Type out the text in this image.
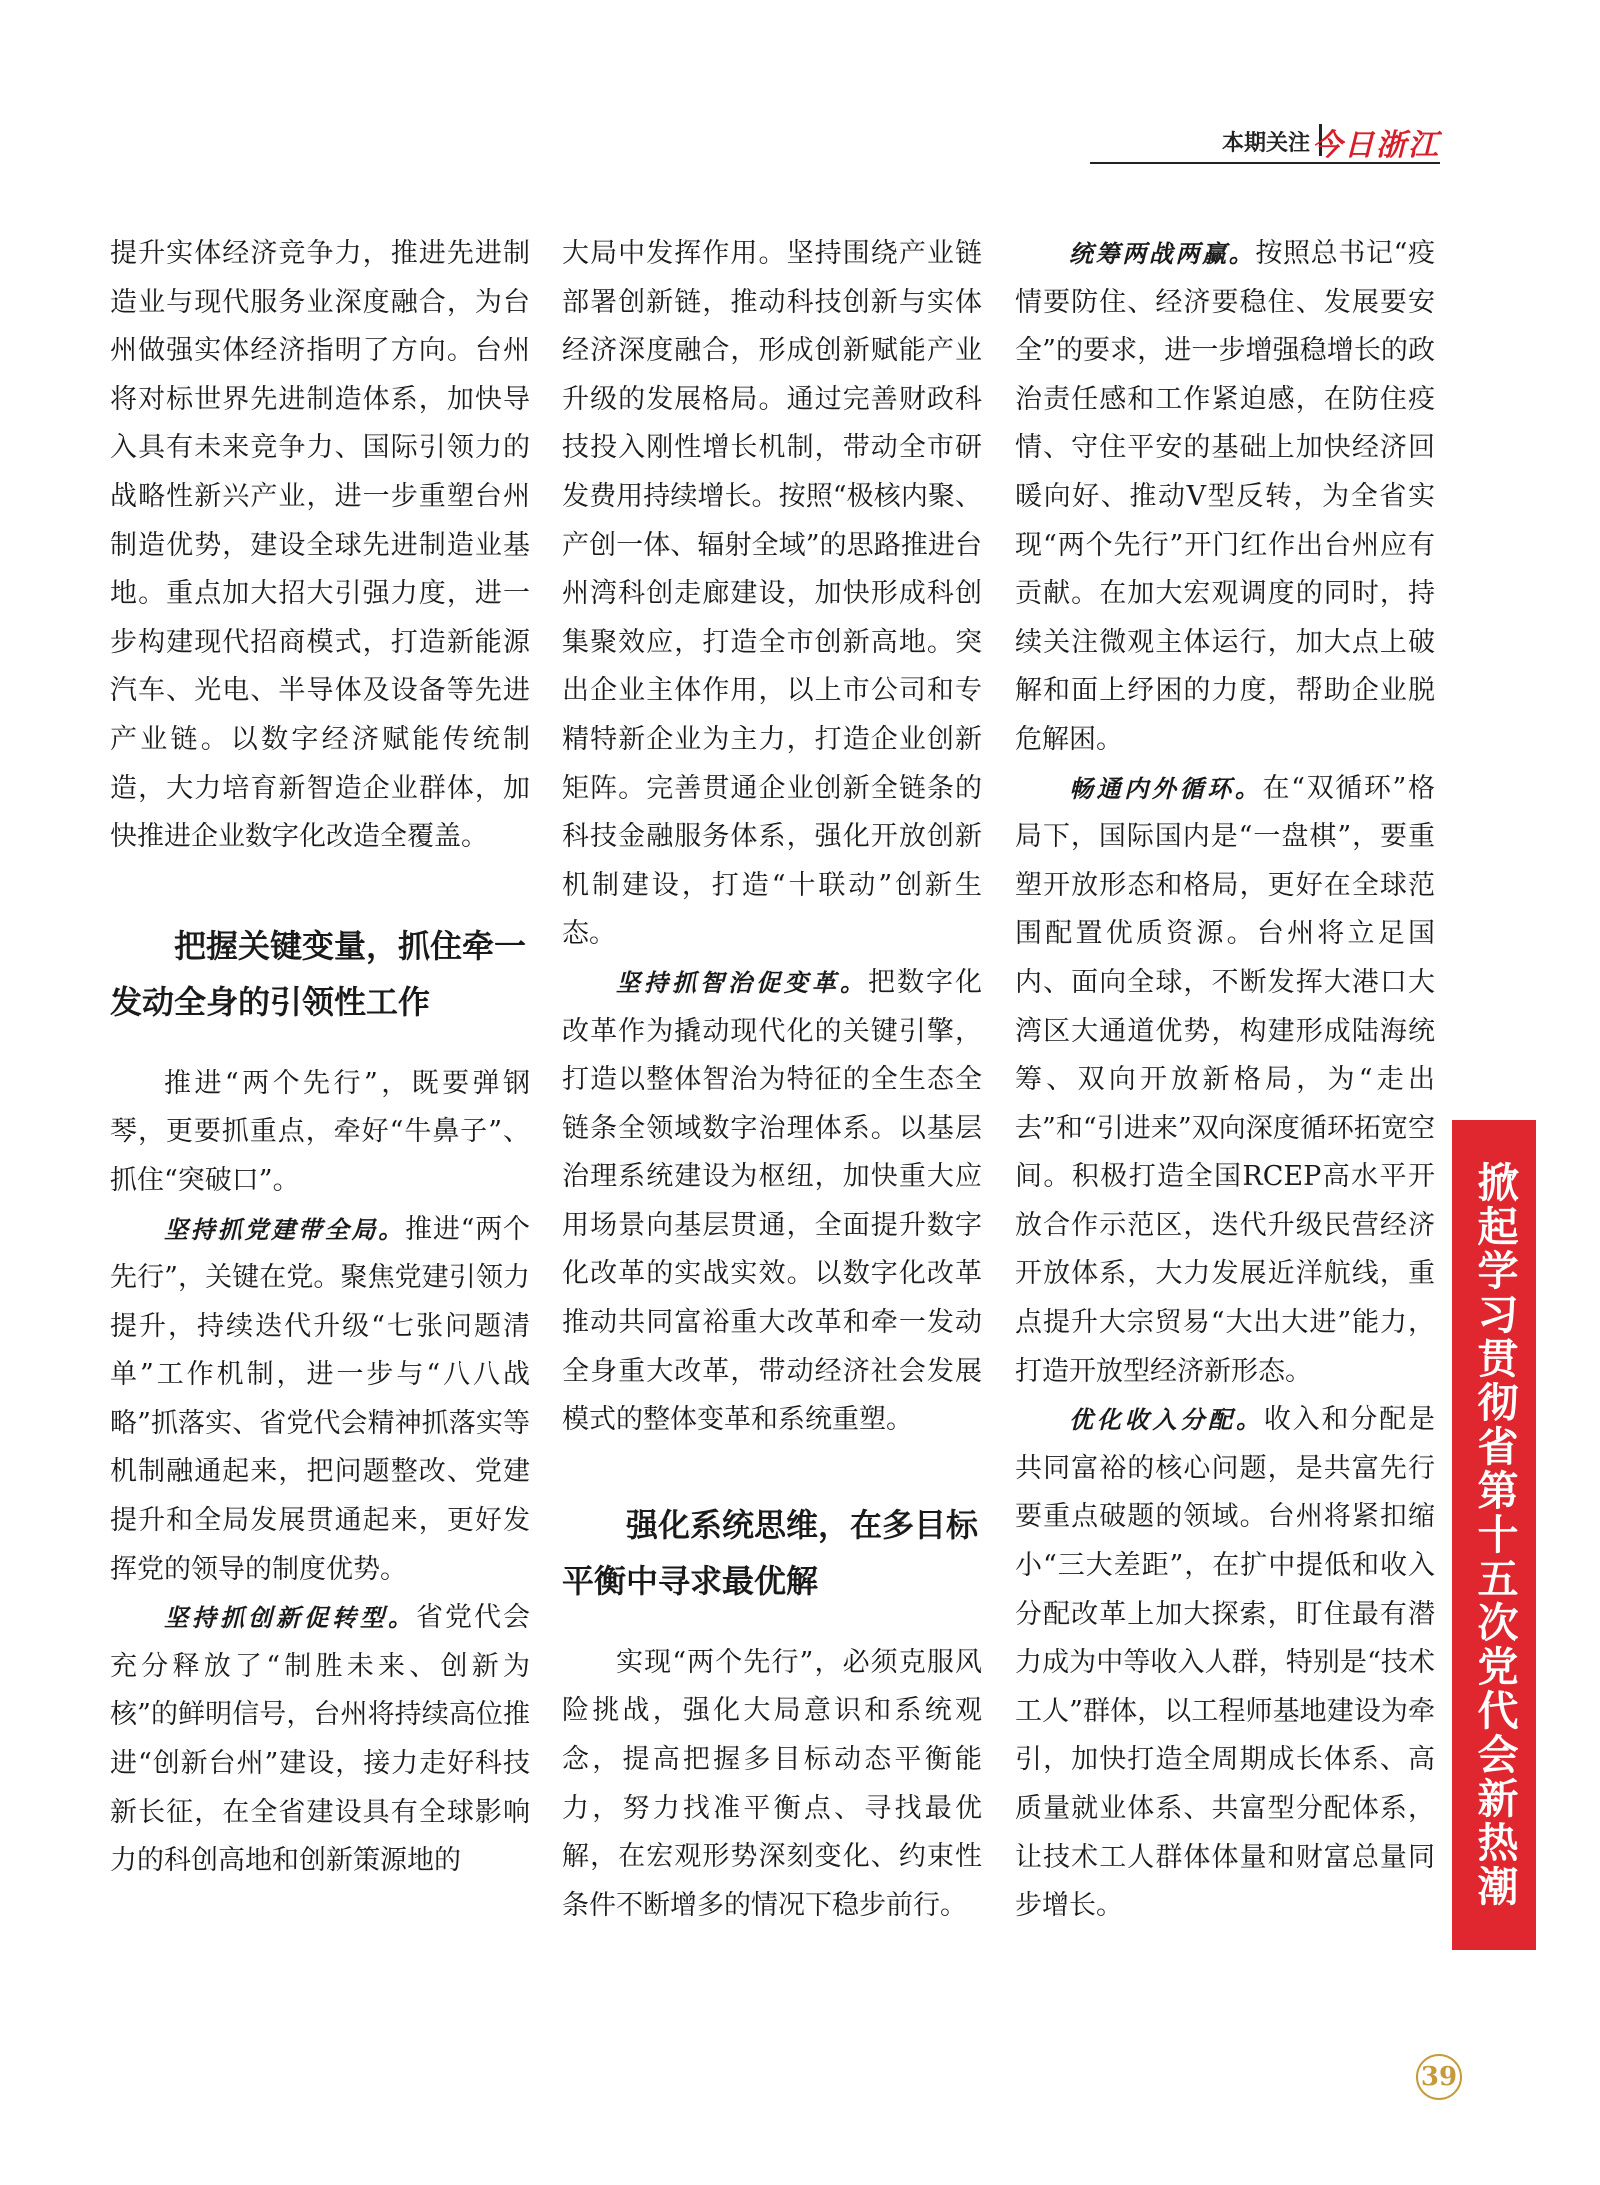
本期关注 今日浙江

提升实体经济竞争力，推进先进制造业与现代服务业深度融合，为台州做强实体经济指明了方向。台州将对标世界先进制造体系，加快导入具有未来竞争力、国际引领力的战略性新兴产业，进一步重塑台州制造优势，建设全球先进制造业基地。重点加大招大引强力度，进一步构建现代招商模式，打造新能源汽车、光电、半导体及设备等先进产业链。以数字经济赋能传统制造，大力培育新智造企业群体，加快推进企业数字化改造全覆盖。

把握关键变量，抓住牵一发动全身的引领性工作

推进“两个先行”，既要弹钢琴，更要抓重点，牵好“牛鼻子”、抓住“突破口”。

坚持抓党建带全局。推进“两个先行”，关键在党。聚焦党建引领力提升，持续迭代升级“七张问题清单”工作机制，进一步与“八八战略”抓落实、省党代会精神抓落实等机制融通起来，把问题整改、党建提升和全局发展贯通起来，更好发挥党的领导的制度优势。

坚持抓创新促转型。省党代会充分释放了“制胜未来、创新为核”的鲜明信号，台州将持续高位推进“创新台州”建设，接力走好科技新长征，在全省建设具有全球影响力的科创高地和创新策源地的

大局中发挥作用。坚持围绕产业链部署创新链，推动科技创新与实体经济深度融合，形成创新赋能产业升级的发展格局。通过完善财政科技投入刚性增长机制，带动全市研发费用持续增长。按照“极核内聚、产创一体、辐射全域”的思路推进台州湾科创走廊建设，加快形成科创集聚效应，打造全市创新高地。突出企业主体作用，以上市公司和专精特新企业为主力，打造企业创新矩阵。完善贯通企业创新全链条的科技金融服务体系，强化开放创新机制建设，打造“十联动”创新生态。

坚持抓智治促变革。把数字化改革作为撬动现代化的关键引擎，打造以整体智治为特征的全生态全链条全领域数字治理体系。以基层治理系统建设为枢纽，加快重大应用场景向基层贯通，全面提升数字化改革的实战实效。以数字化改革推动共同富裕重大改革和牵一发动全身重大改革，带动经济社会发展模式的整体变革和系统重塑。

强化系统思维，在多目标平衡中寻求最优解

实现“两个先行”，必须克服风险挑战，强化大局意识和系统观念，提高把握多目标动态平衡能力，努力找准平衡点、寻找最优解，在宏观形势深刻变化、约束性条件不断增多的情况下稳步前行。

统筹两战两赢。按照总书记“疫情要防住、经济要稳住、发展要安全”的要求，进一步增强稳增长的政治责任感和工作紧迫感，在防住疫情、守住平安的基础上加快经济回暖向好、推动V型反转，为全省实现“两个先行”开门红作出台州应有贡献。在加大宏观调度的同时，持续关注微观主体运行，加大点上破解和面上纾困的力度，帮助企业脱危解困。

畅通内外循环。在“双循环”格局下，国际国内是“一盘棋”，要重塑开放形态和格局，更好在全球范围配置优质资源。台州将立足国内、面向全球，不断发挥大港口大湾区大通道优势，构建形成陆海统筹、双向开放新格局，为“走出去”和“引进来”双向深度循环拓宽空间。积极打造全国RCEP高水平开放合作示范区，迭代升级民营经济开放体系，大力发展近洋航线，重点提升大宗贸易“大出大进”能力，打造开放型经济新形态。

优化收入分配。收入和分配是共同富裕的核心问题，是共富先行要重点破题的领域。台州将紧扣缩小“三大差距”，在扩中提低和收入分配改革上加大探索，盯住最有潜力成为中等收入人群，特别是“技术工人”群体，以工程师基地建设为牵引，加快打造全周期成长体系、高质量就业体系、共富型分配体系，让技术工人群体体量和财富总量同步增长。	掀起学习贯彻省第十五次党代会新热潮
39
